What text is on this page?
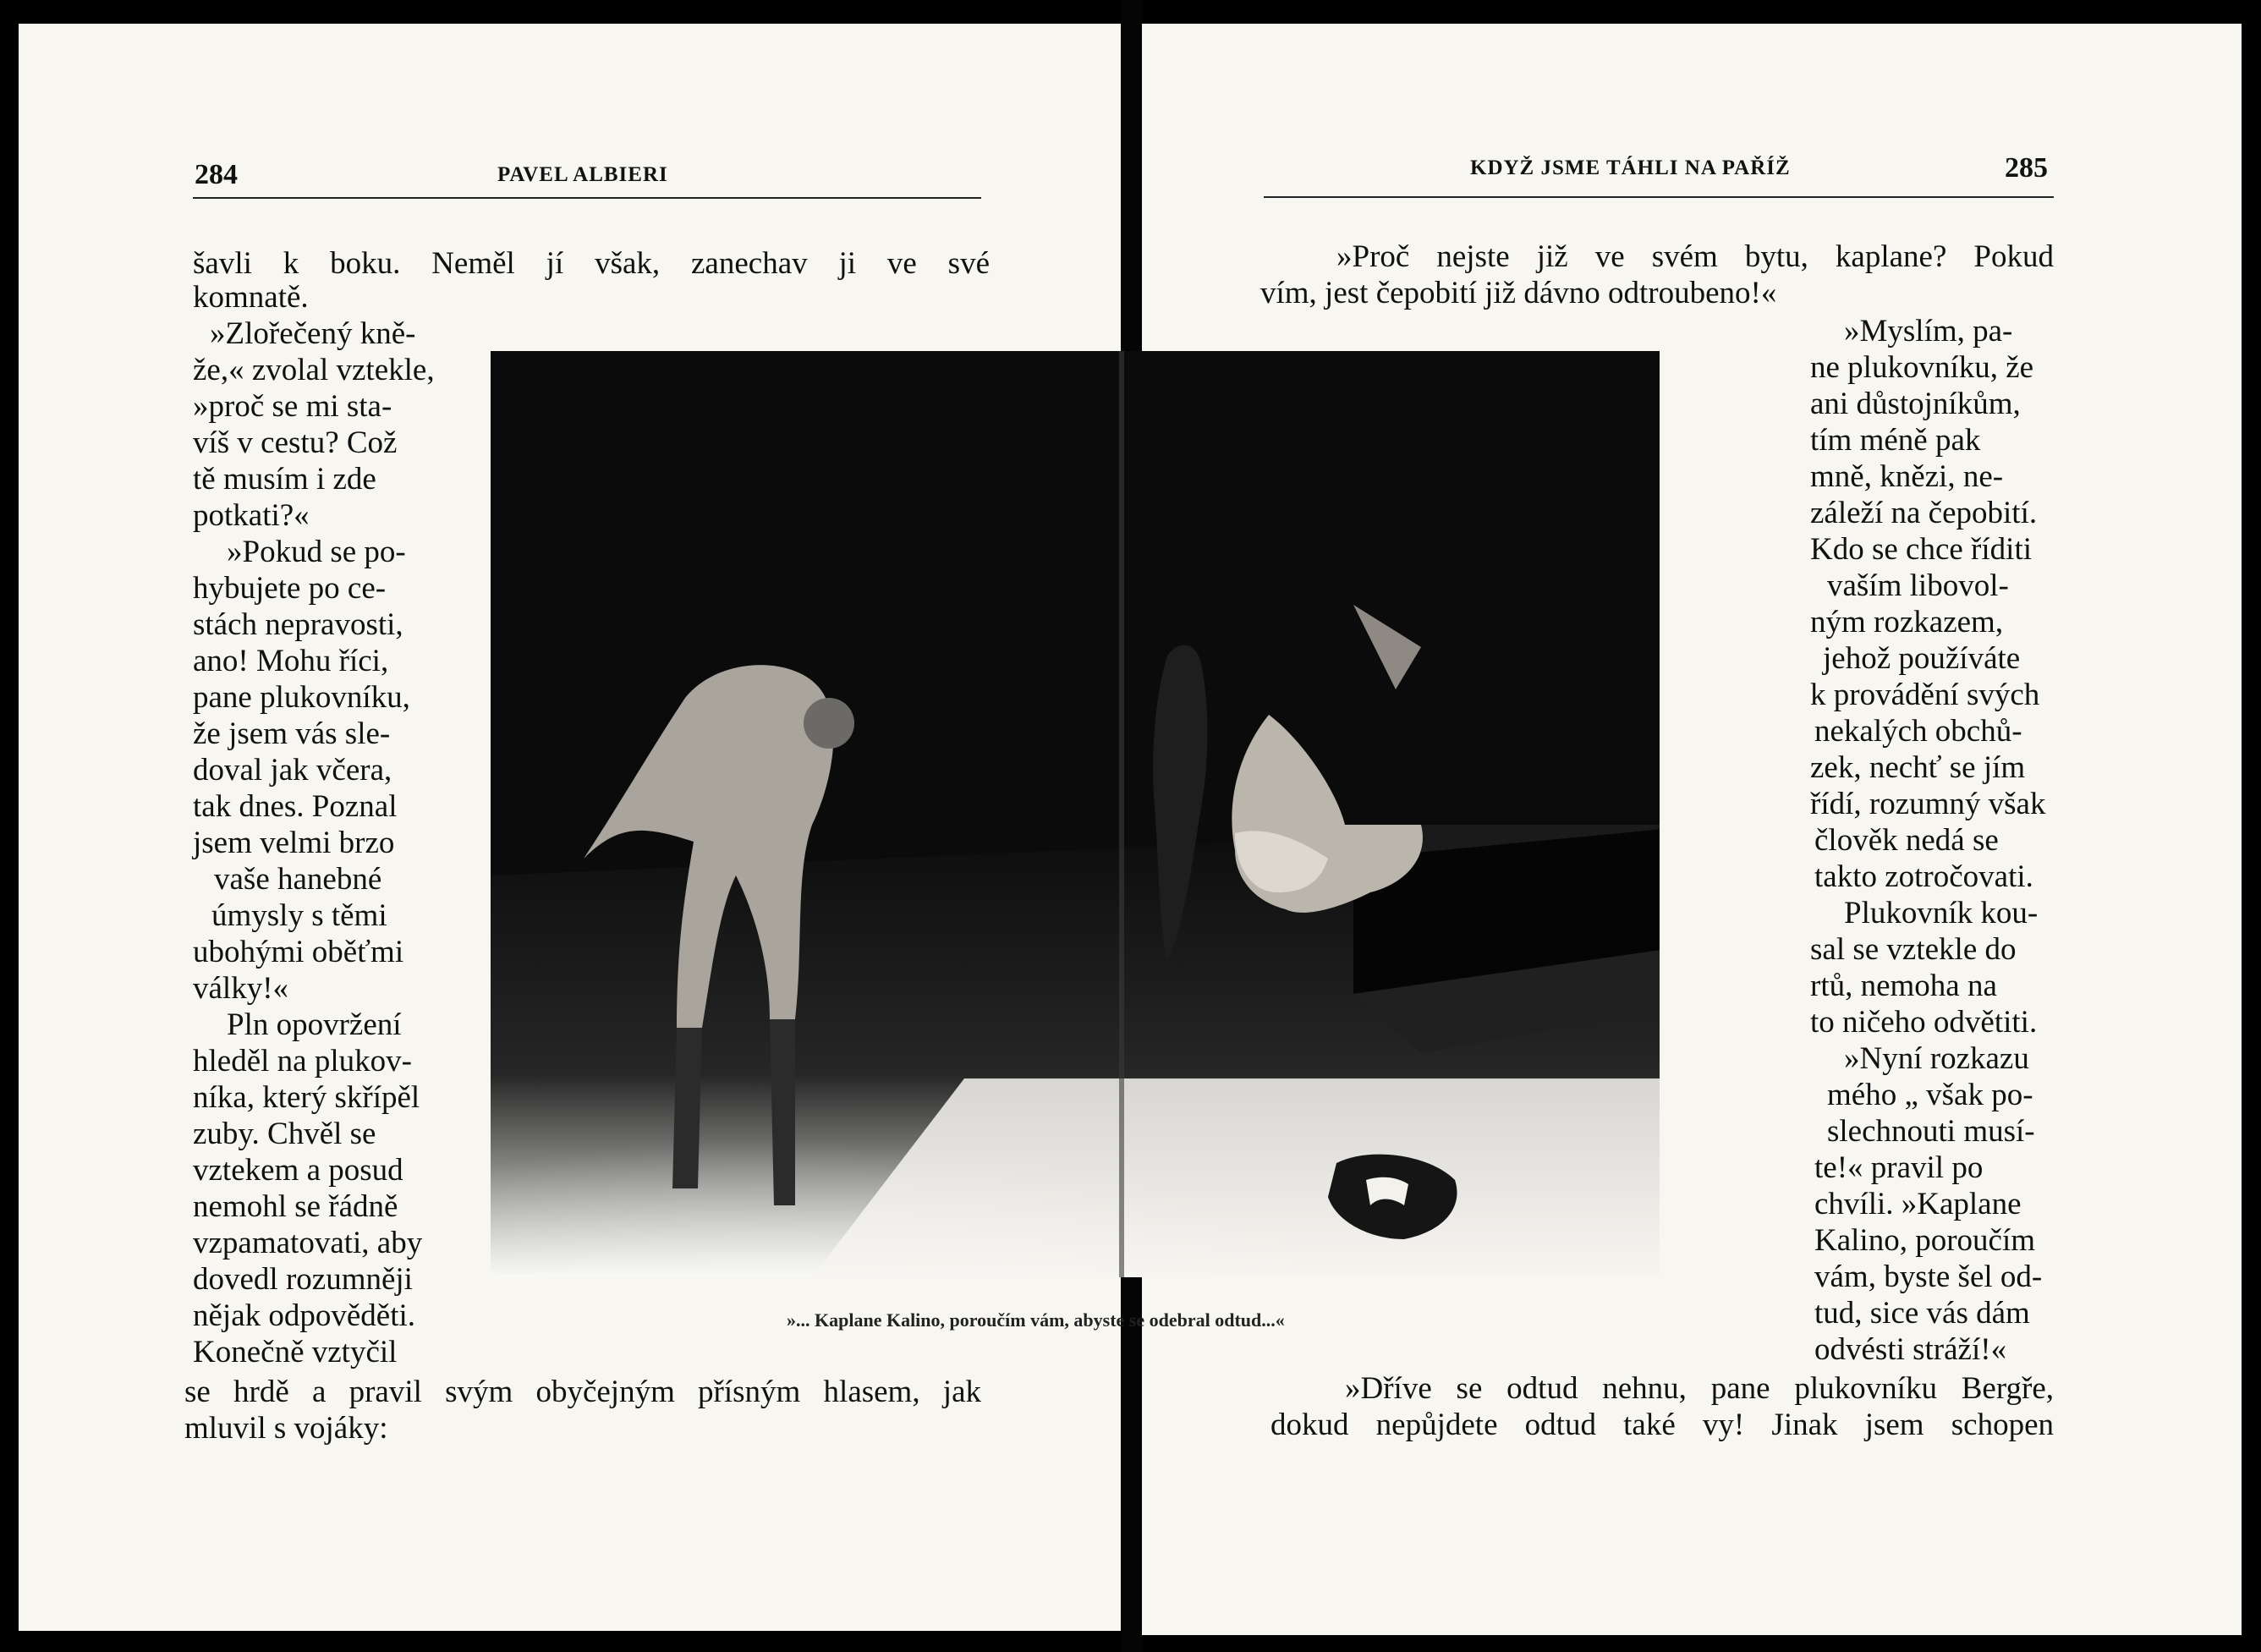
284	PAVEL ALBIERI	KDYŽ JSME TÁHLI NA PAŘÍŽ	285
»... Kaplane Kalino, poroučím vám, abyste se odebral odtud...«
šavli k boku. Neměl jí však, zanechav ji ve své
komnatě.
»Zlořečený kně-
že,« zvolal vztekle,
»proč se mi sta-
víš v cestu? Což
tě musím i zde
potkati?«
»Pokud se po-
hybujete po ce-
stách nepravosti,
ano! Mohu říci,
pane plukovníku,
že jsem vás sle-
doval jak včera,
tak dnes. Poznal
jsem velmi brzo
vaše hanebné
úmysly s těmi
ubohými oběťmi
války!«
Pln opovržení
hleděl na plukov-
níka, který skřípěl
zuby. Chvěl se
vztekem a posud
nemohl se řádně
vzpamatovati, aby
dovedl rozumněji
nějak odpověděti.
Konečně vztyčil
se hrdě a pravil svým obyčejným přísným hlasem, jak
mluvil s vojáky:
»Proč nejste již ve svém bytu, kaplane? Pokud
vím, jest čepobití již dávno odtroubeno!«
»Myslím, pa-
ne plukovníku, že
ani důstojníkům,
tím méně pak
mně, knězi, ne-
záleží na čepobití.
Kdo se chce říditi
vaším libovol-
ným rozkazem,
jehož používáte
k provádění svých
nekalých obchů-
zek, nechť se jím
řídí, rozumný však
člověk nedá se
takto zotročovati.
Plukovník kou-
sal se vztekle do
rtů, nemoha na
to ničeho odvětiti.
»Nyní rozkazu
mého „ však po-
slechnouti musí-
te!« pravil po
chvíli. »Kaplane
Kalino, poroučím
vám, byste šel od-
tud, sice vás dám
odvésti stráží!«
»Dříve se odtud nehnu, pane plukovníku Bergře,
dokud nepůjdete odtud také vy! Jinak jsem schopen
